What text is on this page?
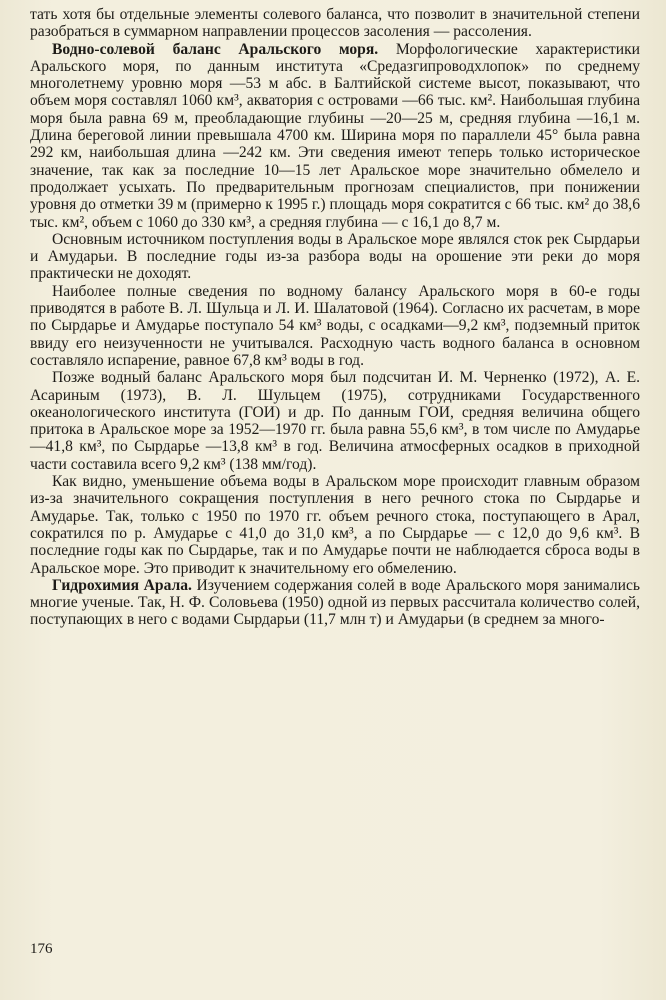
тать хотя бы отдельные элементы солевого баланса, что позволит в значительной степени разобраться в суммарном направлении процессов засоления — рассоления.

Водно-солевой баланс Аральского моря. Морфологические характеристики Аральского моря, по данным института «Средазгипроводхлопок» по среднему многолетнему уровню моря —53 м абс. в Балтийской системе высот, показывают, что объем моря составлял 1060 км³, акватория с островами —66 тыс. км². Наибольшая глубина моря была равна 69 м, преобладающие глубины —20—25 м, средняя глубина —16,1 м. Длина береговой линии превышала 4700 км. Ширина моря по параллели 45° была равна 292 км, наибольшая длина —242 км. Эти сведения имеют теперь только историческое значение, так как за последние 10—15 лет Аральское море значительно обмелело и продолжает усыхать. По предварительным прогнозам специалистов, при понижении уровня до отметки 39 м (примерно к 1995 г.) площадь моря сократится с 66 тыс. км² до 38,6 тыс. км², объем с 1060 до 330 км³, а средняя глубина — с 16,1 до 8,7 м.

Основным источником поступления воды в Аральское море являлся сток рек Сырдарьи и Амударьи. В последние годы из-за разбора воды на орошение эти реки до моря практически не доходят.

Наиболее полные сведения по водному балансу Аральского моря в 60-е годы приводятся в работе В. Л. Шульца и Л. И. Шалатовой (1964). Согласно их расчетам, в море по Сырдарье и Амударье поступало 54 км³ воды, с осадками—9,2 км³, подземный приток ввиду его неизученности не учитывался. Расходную часть водного баланса в основном составляло испарение, равное 67,8 км³ воды в год.

Позже водный баланс Аральского моря был подсчитан И. М. Черненко (1972), А. Е. Асариным (1973), В. Л. Шульцем (1975), сотрудниками Государственного океанологического института (ГОИ) и др. По данным ГОИ, средняя величина общего притока в Аральское море за 1952—1970 гг. была равна 55,6 км³, в том числе по Амударье —41,8 км³, по Сырдарье —13,8 км³ в год. Величина атмосферных осадков в приходной части составила всего 9,2 км³ (138 мм/год).

Как видно, уменьшение объема воды в Аральском море происходит главным образом из-за значительного сокращения поступления в него речного стока по Сырдарье и Амударье. Так, только с 1950 по 1970 гг. объем речного стока, поступающего в Арал, сократился по р. Амударье с 41,0 до 31,0 км³, а по Сырдарье — с 12,0 до 9,6 км³. В последние годы как по Сырдарье, так и по Амударье почти не наблюдается сброса воды в Аральское море. Это приводит к значительному его обмелению.

Гидрохимия Арала. Изучением содержания солей в воде Аральского моря занимались многие ученые. Так, Н. Ф. Соловьева (1950) одной из первых рассчитала количество солей, поступающих в него с водами Сырдарьи (11,7 млн т) и Амударьи (в среднем за много-

176
